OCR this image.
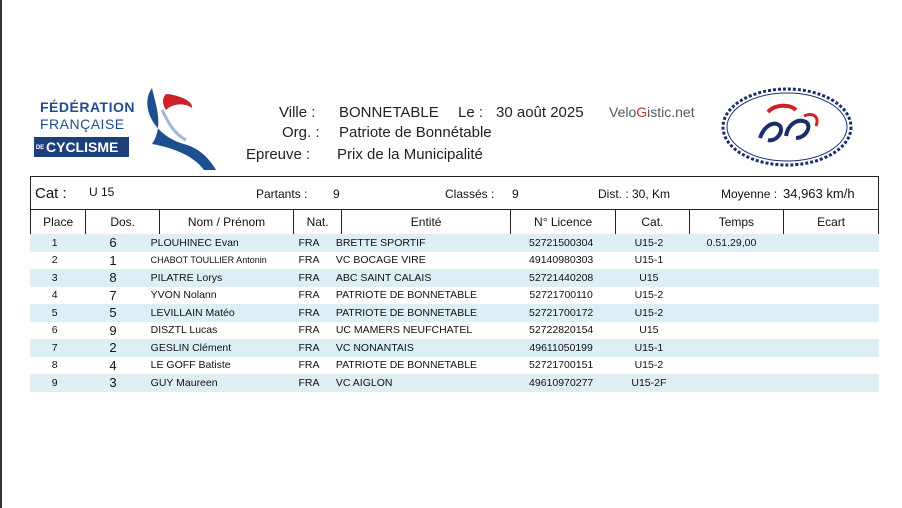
FÉDÉRATION
FRANÇAISE
DE CYCLISME
Ville : BONNETABLE Le : 30 août 2025
Org. : Patriote de Bonnétable
Epreuve : Prix de la Municipalité
VeloGistic.net
Cat : U 15	Partants : 9	Classés : 9	Dist. : 30, Km	Moyenne : 34,963 km/h
Place	Dos.	Nom / Prénom	Nat.	Entité	N° Licence	Cat.	Temps	Ecart
1	6	PLOUHINEC Evan	FRA	BRETTE SPORTIF	52721500304	U15-2	0.51.29,00	
2	1	CHABOT TOULLIER Antonin	FRA	VC BOCAGE VIRE	49140980303	U15-1		
3	8	PILATRE Lorys	FRA	ABC SAINT CALAIS	52721440208	U15		
4	7	YVON Nolann	FRA	PATRIOTE DE BONNETABLE	52721700110	U15-2		
5	5	LEVILLAIN Matéo	FRA	PATRIOTE DE BONNETABLE	52721700172	U15-2		
6	9	DISZTL Lucas	FRA	UC MAMERS NEUFCHATEL	52722820154	U15		
7	2	GESLIN Clément	FRA	VC NONANTAIS	49611050199	U15-1		
8	4	LE GOFF Batiste	FRA	PATRIOTE DE BONNETABLE	52721700151	U15-2		
9	3	GUY Maureen	FRA	VC AIGLON	49610970277	U15-2F		
